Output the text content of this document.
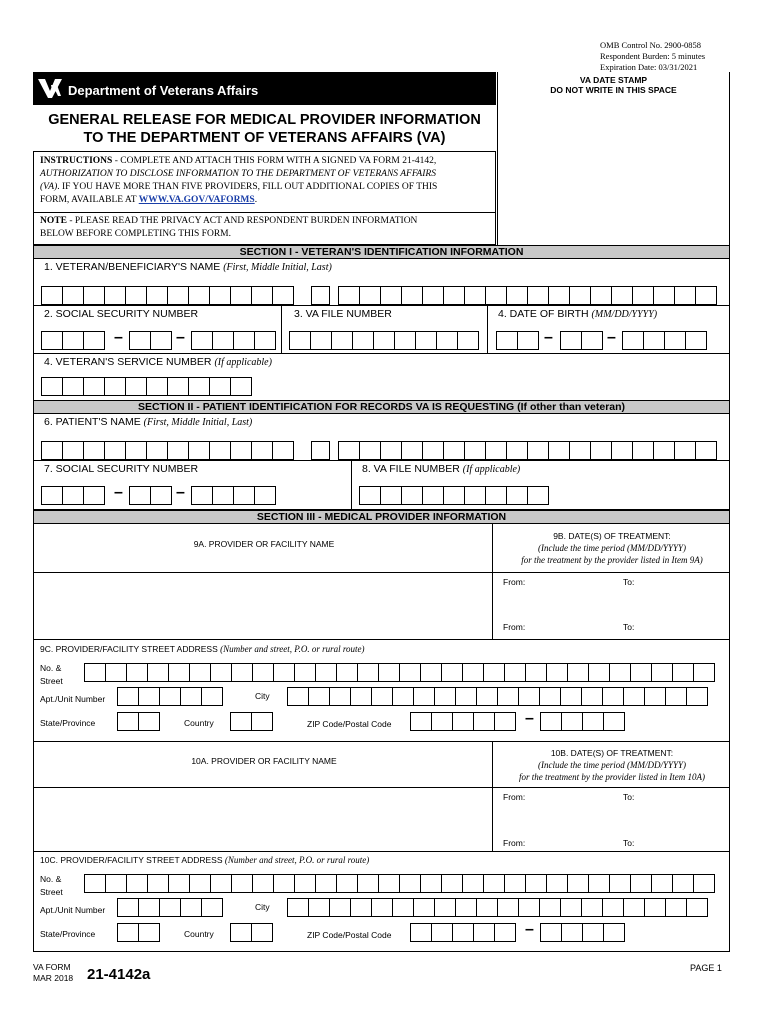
OMB Control No. 2900-0858
Respondent Burden: 5 minutes
Expiration Date: 03/31/2021
Department of Veterans Affairs
VA DATE STAMP
DO NOT WRITE IN THIS SPACE
GENERAL RELEASE FOR MEDICAL PROVIDER INFORMATION
TO THE DEPARTMENT OF VETERANS AFFAIRS (VA)
INSTRUCTIONS - COMPLETE AND ATTACH THIS FORM WITH A SIGNED VA FORM 21-4142,
AUTHORIZATION TO DISCLOSE INFORMATION TO THE DEPARTMENT OF VETERANS AFFAIRS
(VA). IF YOU HAVE MORE THAN FIVE PROVIDERS, FILL OUT ADDITIONAL COPIES OF THIS
FORM, AVAILABLE AT WWW.VA.GOV/VAFORMS.
NOTE - PLEASE READ THE PRIVACY ACT AND RESPONDENT BURDEN INFORMATION
BELOW BEFORE COMPLETING THIS FORM.
SECTION I - VETERAN'S IDENTIFICATION INFORMATION
1. VETERAN/BENEFICIARY'S NAME (First, Middle Initial, Last)
2. SOCIAL SECURITY NUMBER
–	–
3. VA FILE NUMBER	4. DATE OF BIRTH (MM/DD/YYYY)
–	–
4. VETERAN'S SERVICE NUMBER (If applicable)
SECTION II - PATIENT IDENTIFICATION FOR RECORDS VA IS REQUESTING (If other than veteran)
6. PATIENT'S NAME (First, Middle Initial, Last)
7. SOCIAL SECURITY NUMBER
–	–
8. VA FILE NUMBER (If applicable)
SECTION III - MEDICAL PROVIDER INFORMATION
9A. PROVIDER OR FACILITY NAME
9B. DATE(S) OF TREATMENT:
(Include the time period (MM/DD/YYYY)
for the treatment by the provider listed in Item 9A)
From:	To:
From:	To:
9C. PROVIDER/FACILITY STREET ADDRESS (Number and street, P.O. or rural route)
No. &
Street
Apt./Unit Number	City
State/Province	Country	ZIP Code/Postal Code	–
10A. PROVIDER OR FACILITY NAME
10B. DATE(S) OF TREATMENT:
(Include the time period (MM/DD/YYYY)
for the treatment by the provider listed in Item 10A)
From:	To:
From:	To:
10C. PROVIDER/FACILITY STREET ADDRESS (Number and street, P.O. or rural route)
No. &
Street
Apt./Unit Number	City
State/Province	Country	ZIP Code/Postal Code	–
VA FORM
MAR 2018 21-4142a	PAGE 1
